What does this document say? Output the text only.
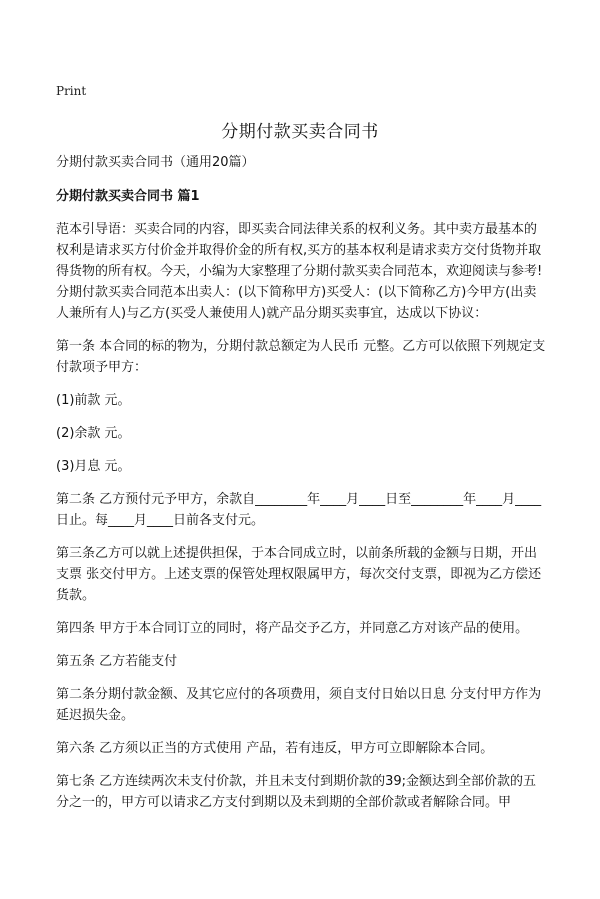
Print
分期付款买卖合同书

分期付款买卖合同书（通用20篇）

分期付款买卖合同书 篇1

范本引导语：买卖合同的内容，即买卖合同法律关系的权利义务。其中卖方最基本的权利是请求买方付价金并取得价金的所有权,买方的基本权利是请求卖方交付货物并取得货物的所有权。今天，小编为大家整理了分期付款买卖合同范本，欢迎阅读与参考!分期付款买卖合同范本出卖人：(以下简称甲方)买受人：(以下简称乙方)今甲方(出卖人兼所有人)与乙方(买受人兼使用人)就产品分期买卖事宜，达成以下协议：

第一条 本合同的标的物为，分期付款总额定为人民币 元整。乙方可以依照下列规定支付款项予甲方：

(1)前款 元。

(2)余款 元。

(3)月息 元。

第二条 乙方预付元予甲方，余款自________年____月____日至________年____月____日止。每____月____日前各支付元。

第三条乙方可以就上述提供担保，于本合同成立时，以前条所载的金额与日期，开出支票 张交付甲方。上述支票的保管处理权限属甲方，每次交付支票，即视为乙方偿还货款。

第四条 甲方于本合同订立的同时，将产品交予乙方，并同意乙方对该产品的使用。

第五条 乙方若能支付

第二条分期付款金额、及其它应付的各项费用，须自支付日始以日息 分支付甲方作为延迟损失金。

第六条 乙方须以正当的方式使用 产品，若有违反，甲方可立即解除本合同。

第七条 乙方连续两次未支付价款，并且未支付到期价款的39;金额达到全部价款的五分之一的，甲方可以请求乙方支付到期以及未到期的全部价款或者解除合同。甲
